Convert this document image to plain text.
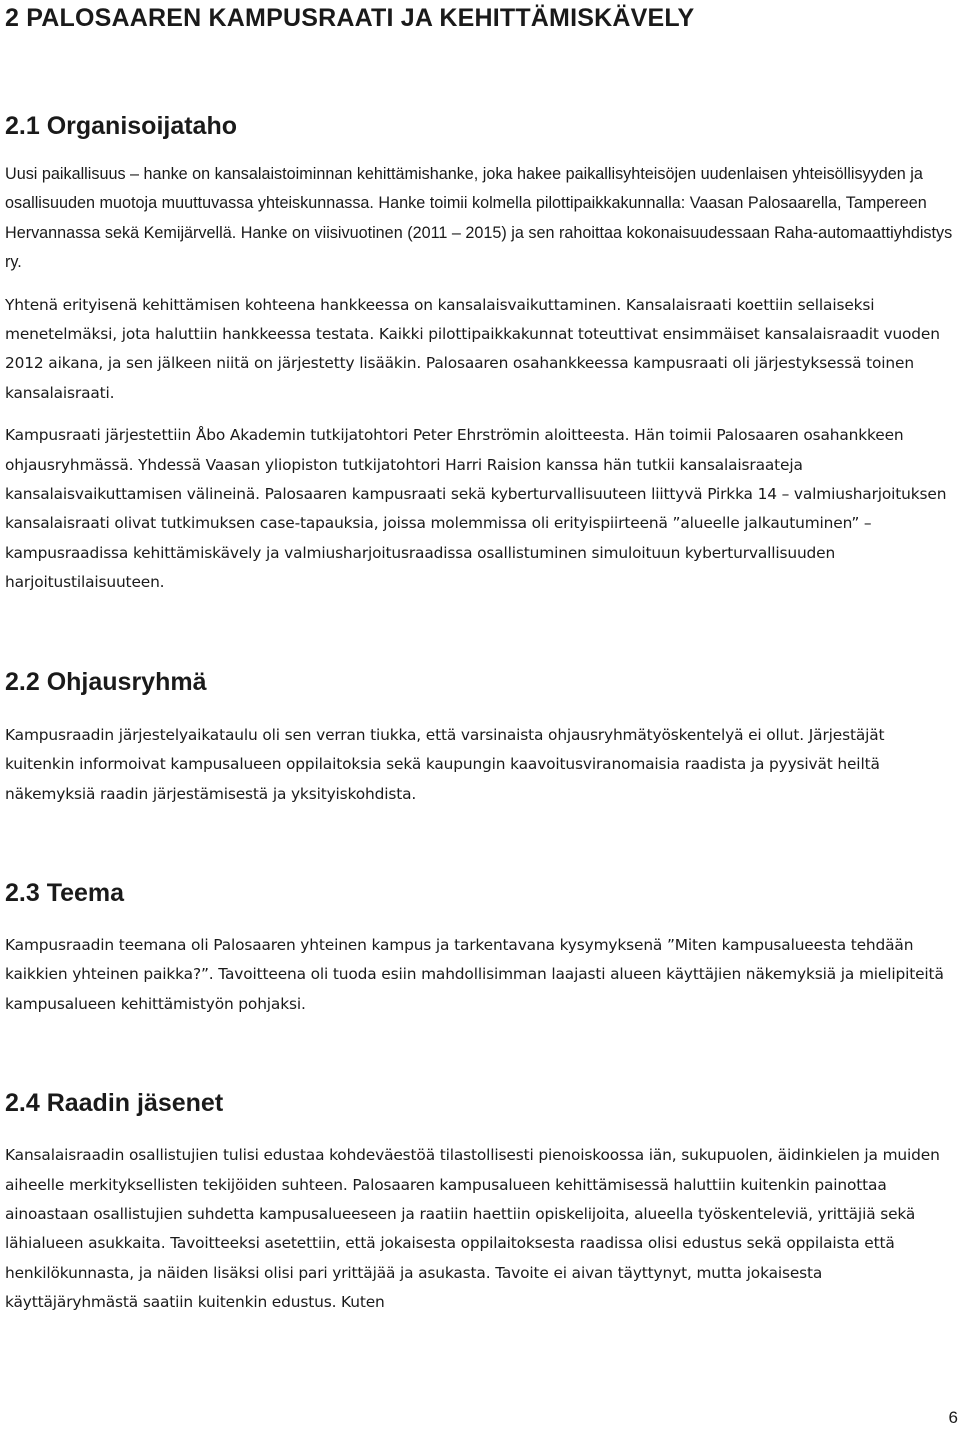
2 PALOSAAREN KAMPUSRAATI JA KEHITTÄMISKÄVELY
2.1 Organisoijataho

Uusi paikallisuus – hanke on kansalaistoiminnan kehittämishanke, joka hakee paikallisyhteisöjen uudenlaisen yhteisöllisyyden ja osallisuuden muotoja muuttuvassa yhteiskunnassa. Hanke toimii kolmella pilottipaikkakunnalla: Vaasan Palosaarella, Tampereen Hervannassa sekä Kemijärvellä. Hanke on viisivuotinen (2011 – 2015) ja sen rahoittaa kokonaisuudessaan Raha-automaattiyhdistys ry.

Yhtenä erityisenä kehittämisen kohteena hankkeessa on kansalaisvaikuttaminen. Kansalaisraati koettiin sellaiseksi menetelmäksi, jota haluttiin hankkeessa testata. Kaikki pilottipaikkakunnat toteuttivat ensimmäiset kansalaisraadit vuoden 2012 aikana, ja sen jälkeen niitä on järjestetty lisääkin. Palosaaren osahankkeessa kampusraati oli järjestyksessä toinen kansalaisraati.

Kampusraati järjestettiin Åbo Akademin tutkijatohtori Peter Ehrströmin aloitteesta. Hän toimii Palosaaren osahankkeen ohjausryhmässä. Yhdessä Vaasan yliopiston tutkijatohtori Harri Raision kanssa hän tutkii kansalaisraateja kansalaisvaikuttamisen välineinä. Palosaaren kampusraati sekä kyberturvallisuuteen liittyvä Pirkka 14 – valmiusharjoituksen kansalaisraati olivat tutkimuksen case-tapauksia, joissa molemmissa oli erityispiirteenä ”alueelle jalkautuminen” – kampusraadissa kehittämiskävely ja valmiusharjoitusraadissa osallistuminen simuloituun kyberturvallisuuden harjoitustilaisuuteen.

2.2 Ohjausryhmä

Kampusraadin järjestelyaikataulu oli sen verran tiukka, että varsinaista ohjausryhmätyöskentelyä ei ollut. Järjestäjät kuitenkin informoivat kampusalueen oppilaitoksia sekä kaupungin kaavoitusviranomaisia raadista ja pyysivät heiltä näkemyksiä raadin järjestämisestä ja yksityiskohdista.

2.3 Teema

Kampusraadin teemana oli Palosaaren yhteinen kampus ja tarkentavana kysymyksenä ”Miten kampusalueesta tehdään kaikkien yhteinen paikka?”. Tavoitteena oli tuoda esiin mahdollisimman laajasti alueen käyttäjien näkemyksiä ja mielipiteitä kampusalueen kehittämistyön pohjaksi.

2.4 Raadin jäsenet

Kansalaisraadin osallistujien tulisi edustaa kohdeväestöä tilastollisesti pienoiskoossa iän, sukupuolen, äidinkielen ja muiden aiheelle merkityksellisten tekijöiden suhteen. Palosaaren kampusalueen kehittämisessä haluttiin kuitenkin painottaa ainoastaan osallistujien suhdetta kampusalueeseen ja raatiin haettiin opiskelijoita, alueella työskenteleviä, yrittäjiä sekä lähialueen asukkaita. Tavoitteeksi asetettiin, että jokaisesta oppilaitoksesta raadissa olisi edustus sekä oppilaista että henkilökunnasta, ja näiden lisäksi olisi pari yrittäjää ja asukasta. Tavoite ei aivan täyttynyt, mutta jokaisesta käyttäjäryhmästä saatiin kuitenkin edustus. Kuten

6
